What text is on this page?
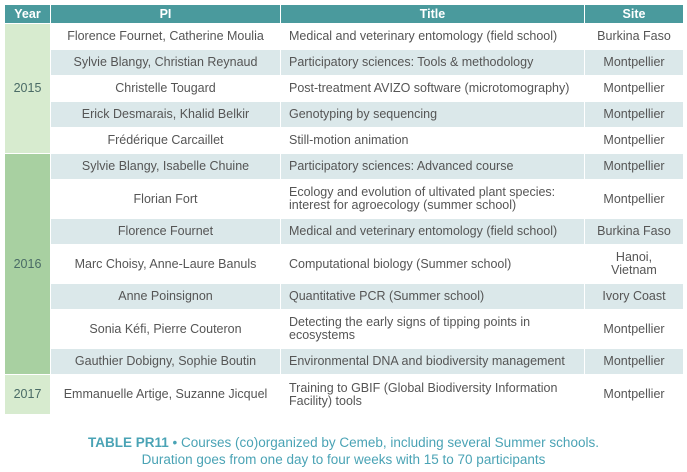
Year	PI	Title	Site
2015	Florence Fournet, Catherine Moulia	Medical and veterinary entomology (field school)	Burkina Faso
	Sylvie Blangy, Christian Reynaud	Participatory sciences: Tools & methodology	Montpellier
	Christelle Tougard	Post-treatment AVIZO software (microtomography)	Montpellier
	Erick Desmarais, Khalid Belkir	Genotyping by sequencing	Montpellier
	Frédérique Carcaillet	Still-motion animation	Montpellier
2016	Sylvie Blangy, Isabelle Chuine	Participatory sciences: Advanced course	Montpellier
	Florian Fort	Ecology and evolution of ultivated plant species: interest for agroecology (summer school)	Montpellier
	Florence Fournet	Medical and veterinary entomology (field school)	Burkina Faso
	Marc Choisy, Anne-Laure Banuls	Computational biology (Summer school)	Hanoi, Vietnam
	Anne Poinsignon	Quantitative PCR (Summer school)	Ivory Coast
	Sonia Kéfi, Pierre Couteron	Detecting the early signs of tipping points in ecosystems	Montpellier
	Gauthier Dobigny, Sophie Boutin	Environmental DNA and biodiversity management	Montpellier
2017	Emmanuelle Artige, Suzanne Jicquel	Training to GBIF (Global Biodiversity Information Facility) tools	Montpellier
TABLE PR11 • Courses (co)organized by Cemeb, including several Summer schools.
Duration goes from one day to four weeks with 15 to 70 participants
